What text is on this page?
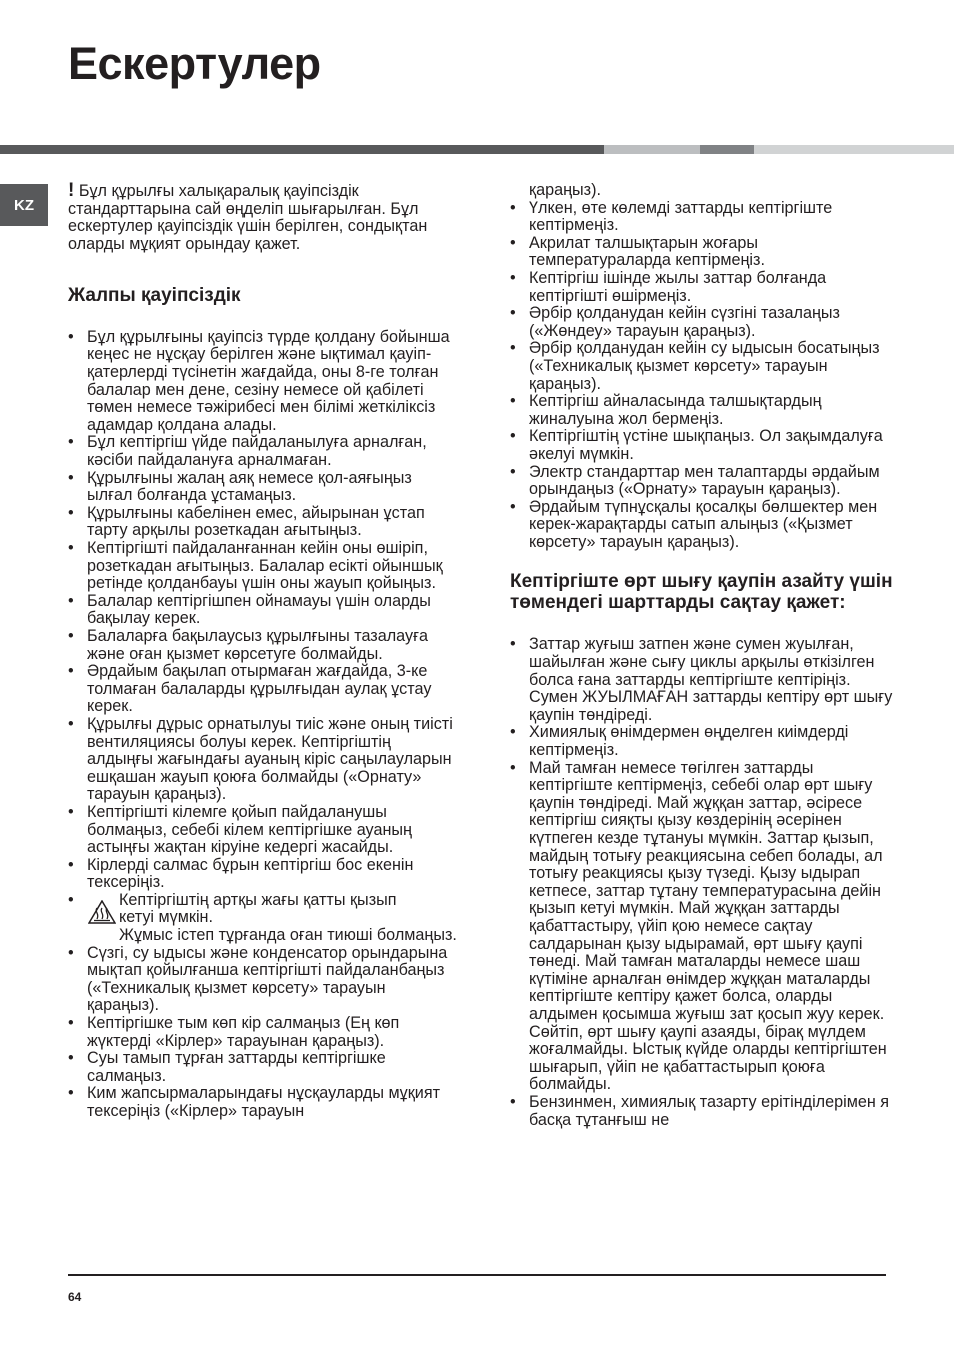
Ескертулер
KZ

! Бұл құрылғы халықаралық қауіпсіздік стандарттарына сай өңделіп шығарылған. Бұл ескертулер қауіпсіздік үшін берілген, сондықтан оларды мұқият орындау қажет.

Жалпы қауіпсіздік
• Бұл құрылғыны қауіпсіз түрде қолдану бойынша кеңес не нұсқау берілген және ықтимал қауіп-қатерлерді түсінетін жағдайда, оны 8-ге толған балалар мен дене, сезіну немесе ой қабілеті төмен немесе тәжірибесі мен білімі жеткіліксіз адамдар қолдана алады.
• Бұл кептіргіш үйде пайдаланылуға арналған, кәсіби пайдалануға арналмаған.
• Құрылғыны жалаң аяқ немесе қол-аяғыңыз ылғал болғанда ұстамаңыз.
• Құрылғыны кабелінен емес, айырынан ұстап тарту арқылы розеткадан ағытыңыз.
• Кептіргішті пайдаланғаннан кейін оны өшіріп, розеткадан ағытыңыз. Балалар есікті ойыншық ретінде қолданбауы үшін оны жауып қойыңыз.
• Балалар кептіргішпен ойнамауы үшін оларды бақылау керек.
• Балаларға бақылаусыз құрылғыны тазалауға және оған қызмет көрсетуге болмайды.
• Әрдайым бақылап отырмаған жағдайда, 3-ке толмаған балаларды құрылғыдан аулақ ұстау керек.
• Құрылғы дұрыс орнатылуы тиіс және оның тиісті вентиляциясы болуы керек. Кептіргіштің алдыңғы жағындағы ауаның кіріс саңылауларын ешқашан жауып қоюға болмайды («Орнату» тарауын қараңыз).
• Кептіргішті кілемге қойып пайдаланушы болмаңыз, себебі кілем кептіргішке ауаның астыңғы жақтан кіруіне кедергі жасайды.
• Кірлерді салмас бұрын кептіргіш бос екенін тексеріңіз.
• Кептіргіштің артқы жағы қатты қызып
кетуі мүмкін.
Жұмыс істеп тұрғанда оған тиюші болмаңыз.
• Сүзгі, су ыдысы және конденсатор орындарына мықтап қойылғанша кептіргішті пайдаланбаңыз («Техникалық қызмет көрсету» тарауын қараңыз).
• Кептіргішке тым көп кір салмаңыз (Ең көп жүктерді «Кірлер» тарауынан қараңыз).
• Суы тамып тұрған заттарды кептіргішке салмаңыз.
• Ким жапсырмаларындағы нұсқауларды мұқият тексеріңіз («Кірлер» тарауын
қараңыз).
• Үлкен, өте көлемді заттарды кептіргіште кептірмеңіз.
• Акрилат талшықтарын жоғары температураларда кептірмеңіз.
• Кептіргіш ішінде жылы заттар болғанда кептіргішті өшірмеңіз.
• Әрбір қолданудан кейін сүзгіні тазалаңыз («Жөндеу» тарауын қараңыз).
• Әрбір қолданудан кейін су ыдысын босатыңыз («Техникалық қызмет көрсету» тарауын қараңыз).
• Кептіргіш айналасында талшықтардың жиналуына жол бермеңіз.
• Кептіргіштің үстіне шықпаңыз. Ол зақымдалуға әкелуі мүмкін.
• Электр стандарттар мен талаптарды әрдайым орындаңыз («Орнату» тарауын қараңыз).
• Әрдайым түпнұсқалы қосалқы бөлшектер мен керек-жарақтарды сатып алыңыз («Қызмет көрсету» тарауын қараңыз).
Кептіргіште өрт шығу қаупін азайту үшін төмендегі шарттарды сақтау қажет:
• Заттар жуғыш затпен және сумен жуылған, шайылған және сығу циклы арқылы өткізілген болса ғана заттарды кептіргіште кептіріңіз. Сумен ЖУЫЛМАҒАН заттарды кептіру өрт шығу қаупін төндіреді.
• Химиялық өнімдермен өңделген киімдерді кептірмеңіз.
• Май тамған немесе төгілген заттарды кептіргіште кептірмеңіз, себебі олар өрт шығу қаупін төндіреді. Май жұққан заттар, әсіресе кептіргіш сияқты қызу көздерінің әсерінен күтпеген кезде тұтануы мүмкін. Заттар қызып, майдың тотығу реакциясына себеп болады, ал тотығу реакциясы қызу түзеді. Қызу ыдырап кетпесе, заттар тұтану температурасына дейін қызып кетуі мүмкін. Май жұққан заттарды қабаттастыру, үйіп қою немесе сақтау салдарынан қызу ыдырамай, өрт шығу қаупі төнеді. Май тамған маталарды немесе шаш күтіміне арналған өнімдер жұққан маталарды кептіргіште кептіру қажет болса, оларды алдымен қосымша жуғыш зат қосып жуу керек. Сөйтіп, өрт шығу қаупі азаяды, бірақ мүлдем жоғалмайды. Ыстық күйде оларды кептіргіштен шығарып, үйіп не қабаттастырып қоюға болмайды.
• Бензинмен, химиялық тазарту ерітінділерімен я басқа тұтанғыш не
64
